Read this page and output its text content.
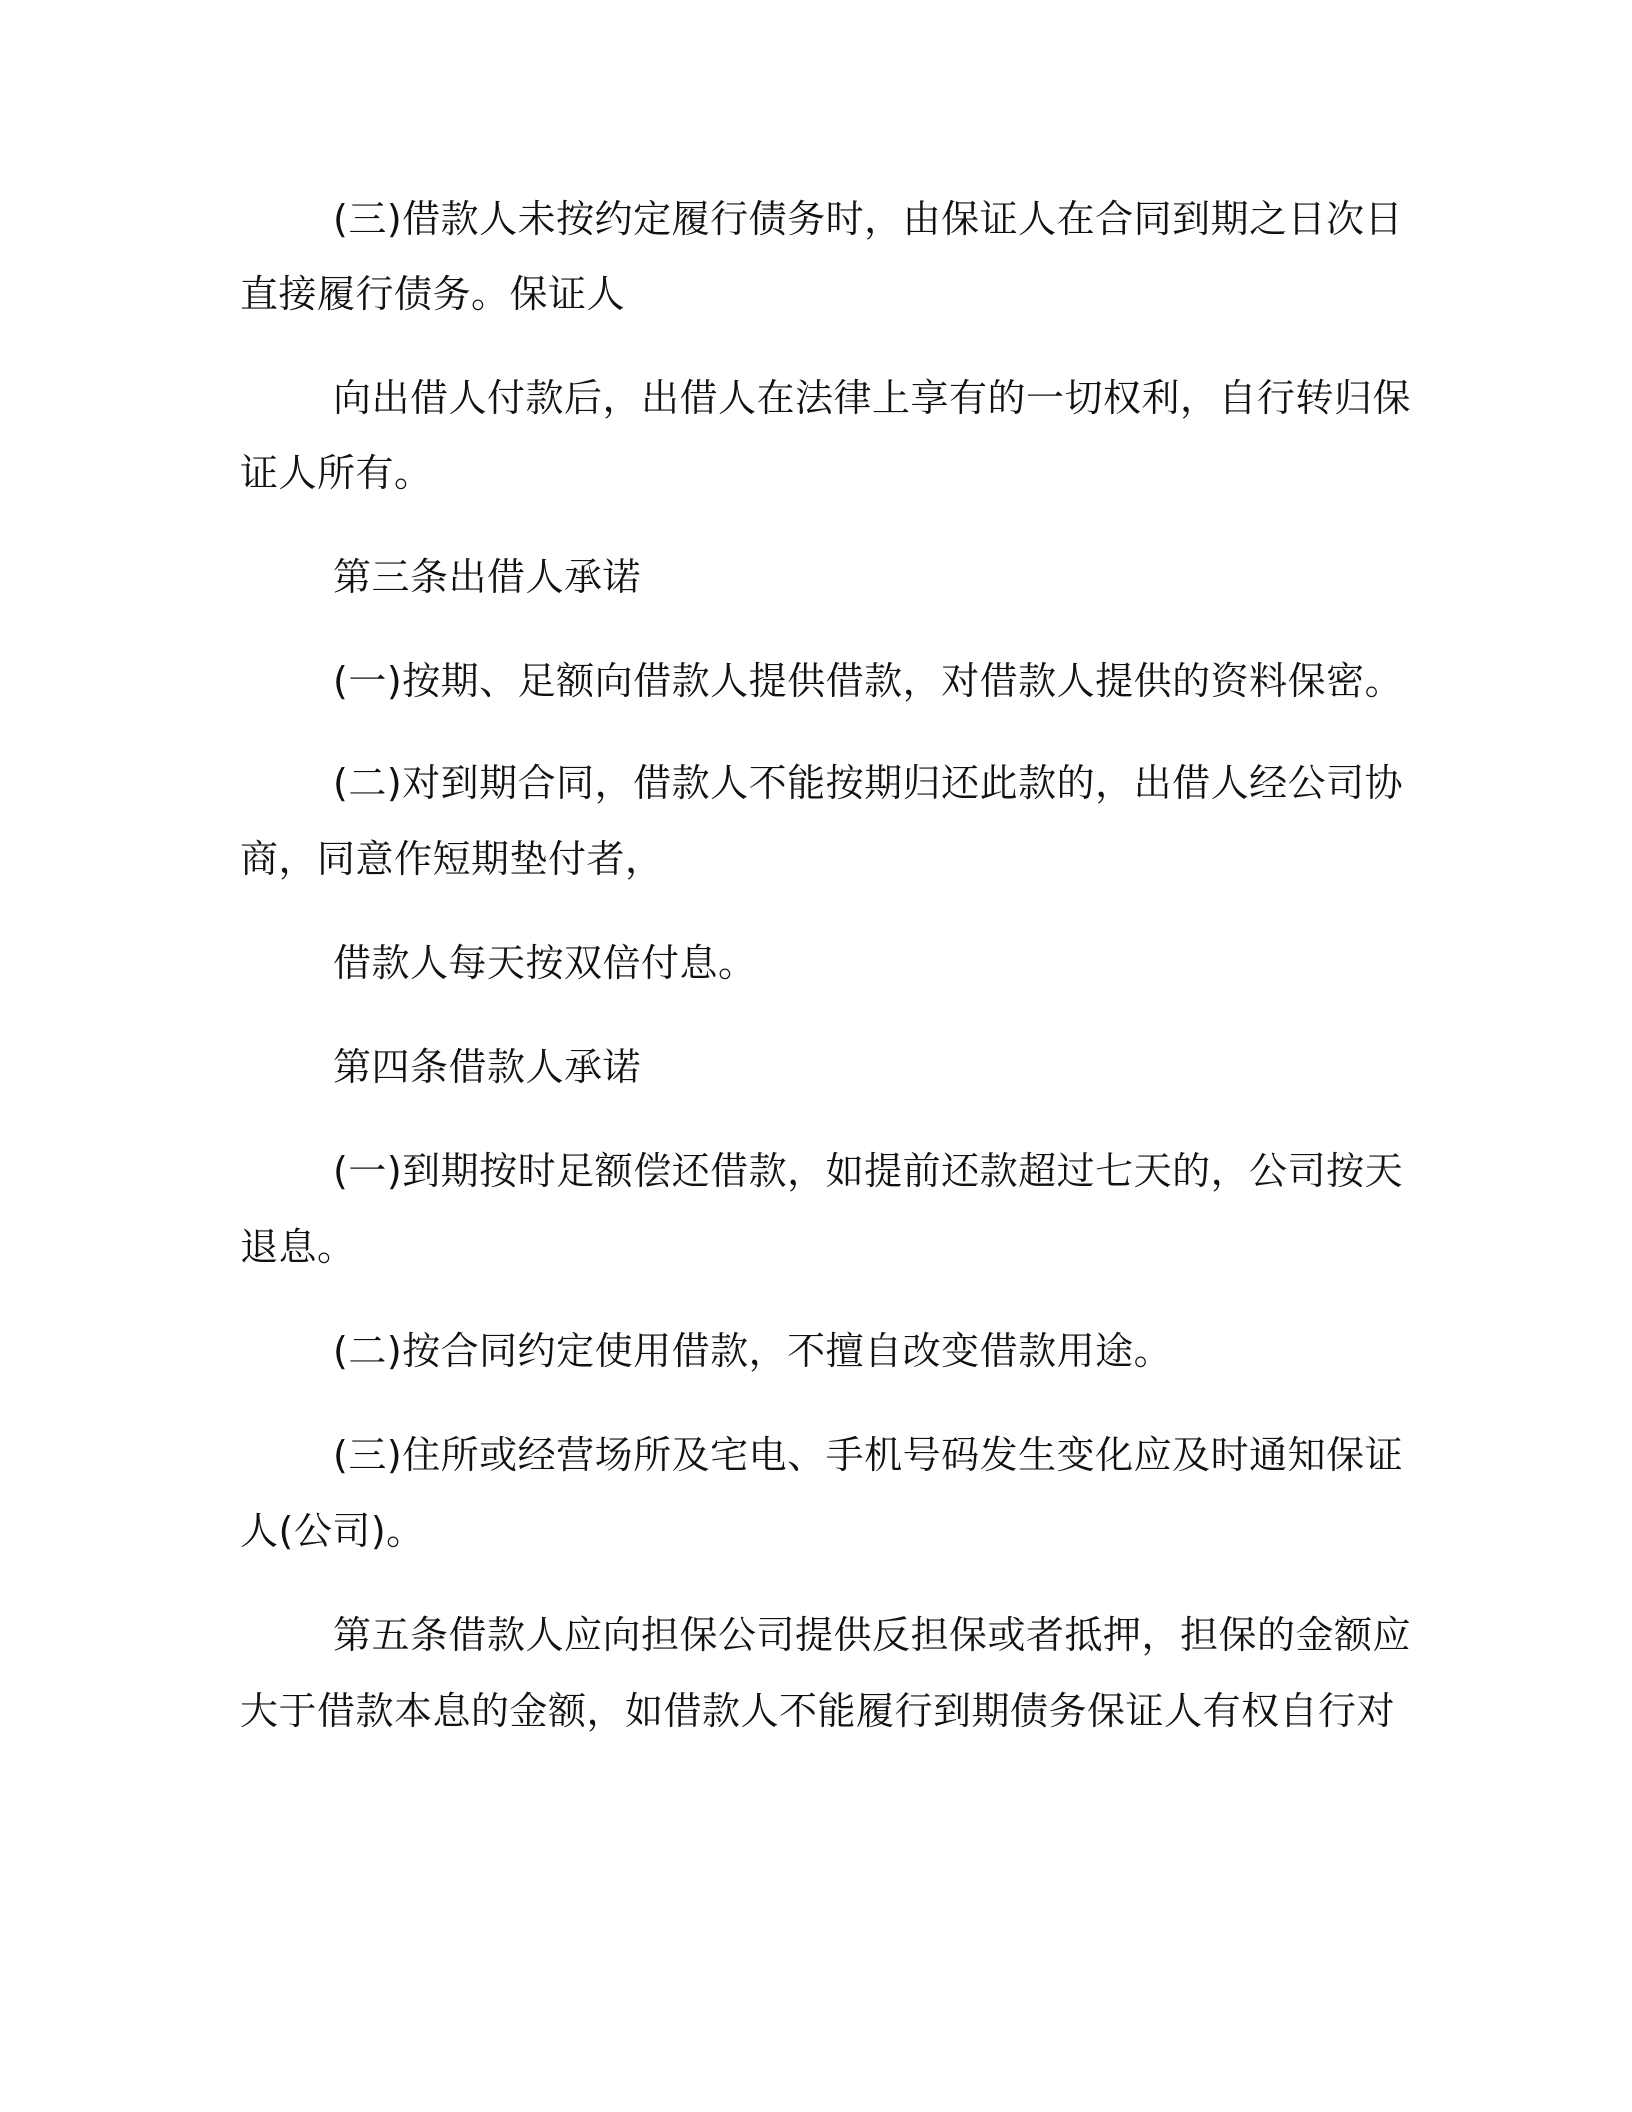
(三)借款人未按约定履行债务时，由保证人在合同到期之日次日
直接履行债务。保证人
向出借人付款后，出借人在法律上享有的一切权利，自行转归保
证人所有。
第三条出借人承诺
(一)按期、足额向借款人提供借款，对借款人提供的资料保密。
(二)对到期合同，借款人不能按期归还此款的，出借人经公司协
商，同意作短期垫付者，
借款人每天按双倍付息。
第四条借款人承诺
(一)到期按时足额偿还借款，如提前还款超过七天的，公司按天
退息。
(二)按合同约定使用借款，不擅自改变借款用途。
(三)住所或经营场所及宅电、手机号码发生变化应及时通知保证
人(公司)。
第五条借款人应向担保公司提供反担保或者抵押，担保的金额应
大于借款本息的金额，如借款人不能履行到期债务保证人有权自行对
